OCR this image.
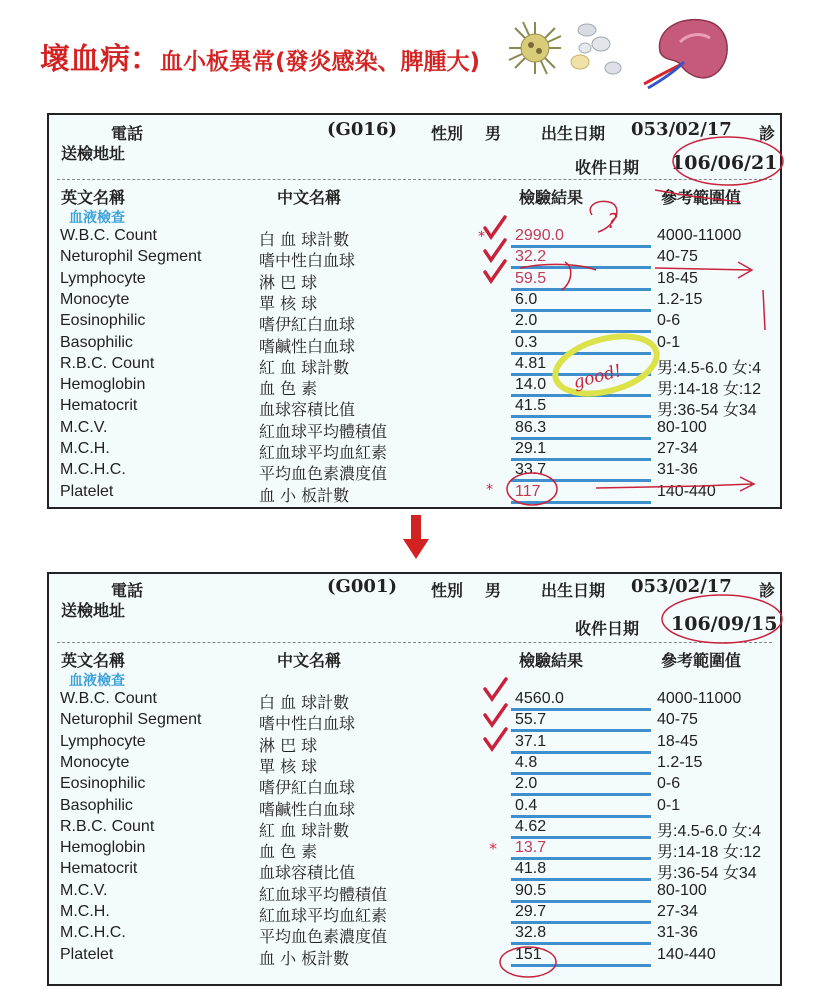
壞血病：血小板異常(發炎感染、脾腫大)
電話	(G016) 性別 男 出生日期 053/02/17 診
送檢地址
收件日期 106/06/21
英文名稱	中文名稱	檢驗結果	參考範圍值
血液檢查
W.B.C. Count	白 血 球計數	2990.0	4000-11000
Neturophil Segment	嗜中性白血球	32.2	40-75
Lymphocyte	淋 巴 球	59.5	18-45
Monocyte	單 核 球	6.0	1.2-15
Eosinophilic	嗜伊紅白血球	2.0	0-6
Basophilic	嗜鹹性白血球	0.3	0-1
R.B.C. Count	紅 血 球計數	4.81	男:4.5-6.0 女:4
Hemoglobin	血 色 素	14.0	男:14-18 女:12
Hematocrit	血球容積比值	41.5	男:36-54 女34
M.C.V.	紅血球平均體積值	86.3	80-100
M.C.H.	紅血球平均血紅素	29.1	27-34
M.C.H.C.	平均血色素濃度值	33.7	31-36
Platelet	血 小 板計數	117	140-440
電話	(G001) 性別 男 出生日期 053/02/17 診
送檢地址
收件日期 106/09/15
英文名稱	中文名稱	檢驗結果	參考範圍值
血液檢查
W.B.C. Count	白 血 球計數	4560.0	4000-11000
Neturophil Segment	嗜中性白血球	55.7	40-75
Lymphocyte	淋 巴 球	37.1	18-45
Monocyte	單 核 球	4.8	1.2-15
Eosinophilic	嗜伊紅白血球	2.0	0-6
Basophilic	嗜鹹性白血球	0.4	0-1
R.B.C. Count	紅 血 球計數	4.62	男:4.5-6.0 女:4
Hemoglobin	血 色 素	13.7	男:14-18 女:12
*
Hematocrit	血球容積比值	41.8	男:36-54 女34
M.C.V.	紅血球平均體積值	90.5	80-100
M.C.H.	紅血球平均血紅素	29.7	27-34
M.C.H.C.	平均血色素濃度值	32.8	31-36
Platelet	血 小 板計數	151	140-440
*
?
good!
*
